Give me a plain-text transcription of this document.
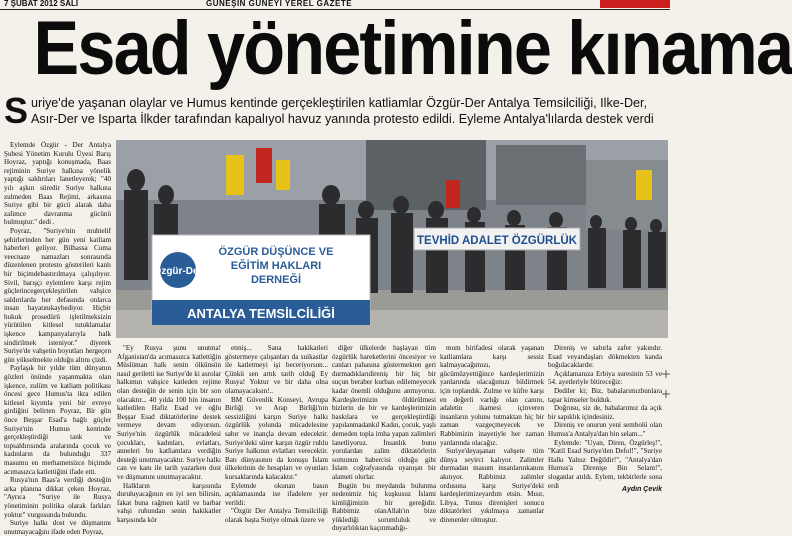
7 ŞUBAT 2012 SALI	GÜNEŞİN GÜNEYİ YEREL GAZETE
Esad yönetimine kınama
Suriye'de yaşanan olaylar ve Humus kentinde gerçekleştirilen katliamlar Özgür-Der Antalya Temsilciliği, Ilke-Der, Asır-Der ve Isparta İlkder tarafından kapalıyol havuz yanında protesto edildi. Eyleme Antalya'lılarda destek verdi
Özgür-Der
ÖZGÜR DÜŞÜNCE VE
EĞİTİM HAKLARI
DERNEĞİ
ANTALYA TEMSİLCİLİĞİ
TEVHİD ADALET ÖZGÜRLÜK

Eylemde Özgür - Der Antalya Şubesi Yönetim Kurulu Üyesi Barış Hoyraz, yaptığı konuşmada, Baas rejiminin Suriye halkına yönelik yaptığı saldırıları lanetleyerek; "40 yılı aşkın süredir Suriye halkına zulmeden Baas Rejimi, arkasına Suriye gibi bir gücü alarak daha zalimce davranma gücünü bulmuştur." dedi .

Poyraz, "Suriye'nin muhtelif şehirlerinden her gün yeni katliam haberleri geliyor. Bilhassa Cuma veecnaze namazları sonrasında düzenlenen protesto gösterileri kanlı bir biçimdebastırılmaya çalışılıyor. Sivil, barışçı eylemlere karşı rejim güçlerincegerçekleştirilen vahşice saldırılarda her defasında onlarca insan hayatınıkaybediyor. Hiçbir hukuk prosedürü işletilmeksizin yürütülen kitlesel tutuklamalar işkence kampanyalarıyla halk sindirilmek isteniyor." diyerek Suriye'de vahşetin boyutları hergeçen gün yükselmekte olduğu altını çizdi.

Paylaşık bir yıldır tüm dünyanın gözleri önünde yaşanmakta olan işkence, zulüm ve katliam politikası öncesi gece Humus'ta ikra edilen kitlesel kıyımla yeni bir evreye girdiğini belirten Poyraz, Bir gün önce Beşşar Esad'a bağlı güçler Suriye'nin Humus kentinde gerçekleştirdiği tank ve topsaldırısında aralarında çocuk ve kadınların da bulunduğu 337 masumu en merhametsizce biçimde acımasızca katlettiğini ifade etti.

Rusya'nın Baas'a verdiği desteğin arka planına dikkat çeken Hoyraz, "Ayrıca "Suriye ile Rusya yönetiminin politika olarak farkları yoktur" vurgusunda bulundu.

Suriye halkı dost ve düşmanını unutmayacağını ifade eden Poyraz,

"Ey Rusya şunu unutma! Afganistan'da acımasızca katlettiğin Müslüman halk senin ölkünsün nasıl geriletti ise Suriye'de ki asrolar halkımın vahşice katleden rejime olan desteğin de senin için bir son olacaktır... 40 yılda 100 bin insanın katledilen Hafiz Esad ve oğlu Beşşar Esad diktatörlerine destek vermeye devam ediyorsun. Suriye'nin özgürlük mücadelesi çocukları, kadınları, evlatları, anneleri bu katliamlara verdiğin desteği unutmayacaktır. Suriye halkı can ve kanı ile tarih yazarken dost ve düşmanını unutmayacaktır.

Halkların karşısında duruluyacağının en iyi sen bilirsin, fakat buna rağmen katil ve barbar vahşi ruhundan senin hakikatler karşısında kör

etmiş... Sana hakikatleri göstermeye çalışanları da suikastlar ile katletmeyi işi beceriyorsun... Çünkü sen artık tarih olduğ Ey Rusya! Yoktur ve bir daha olna olamayacaksın!..

BM Güvenlik Konseyi, Avrupa Birliği ve Arap Birliği'nin sessizliğini karşın Suriye halkı özgürlük yolunda mücadelesine sabır ve inançla devam edecektir. Suriye'deki sürer karşın özgür ruhlu Suriye halkının evlatları verecektir. Batı dünyasının da konuşu İslam ülkelerinin de hesapları ve oyunları kursaklarında kalacaktır."

Eylemde okunan basın açıklamasında ise ifadelere yer verildi:

"Özgür Der Antalya Temsilciliği olarak başta Suriye olmak üzere ve

diğer ülkelerde başlayan tüm özgürlük hareketlerini öncesiyor ve canları pahasına göstermekten geri durmadıklarıdireniş bir hiç bir suçun beraber kurban edilemeyecek kadar önemli olduğunu anmıyoruz. Kardeşlerimizin öldürülmesi bizlerin de bir ve kardeşlerimizin baskılara ve gerçekleştirdiği yapılanmadankıl Kadın, çocuk, yaşlı demeden topla imha yapan zalimleri lanetliyoruz. İnsanlık bunu yorulardan zalim diktatörlerin somunun habercisi olduğu gibi İslam coğrafyasında uyanışın bir alameti olurlar.

Bugün bu meydanda bulunma nedenimiz hiç kuşkusuz İslami kimliğimizin bir gereğidir. Rabbimiz olanAllah'ın bize yüklediği sorumluluk ve duyarlılıktan kaçınmadığı-

mum birifadesi olarak yaşanan katliamlara karşı sessiz kalmayacağımızı, gücümüzyettiğince kardeşlerimizin yanlarında olacağımızı bildirmek için toplandık. Zulme ve küfre karşı en değerli varlığı olan canını, adaletin ikamesi içinveren insanların yolunu tutmaktan hiç bir zaman vazgeçmeyecek ve Rabbimizin inayetiyle her zaman yanlarında olacağız.

Suriye'deyaşanan vahşete tüm dünya seyirci kalıyor. Zalimler durmadan masum insanlarınkanını akıtıyor. Rabbimiz zalimler ordusuna karşı Suriye'deki kardeşlerimizeyardım etsin. Mısır, Libya, Tunus direnişleri sonucu diktatörleri yıkılmaya zamanlar direnenler olmuştur.

Direniş ve sabırla zafer yakındır. Esad veyandaşları dökmekten kanda boğulacaklardır.

Açıklamanıza Erbiya suresinin 53 ve 54. ayetleriyle bitireceğiz:

Dediler ki; Biz, babalarımızbunlara tapar kimseler bulduk.

Doğrusu, siz de, babalarımız da açık bir sapıklık içindesiniz.

Direniş ve onurun yeni sembolü olan Humus'a Antalya'dan bin selam..."

Eylemde: "Uyan, Diren, Özgürleş!", "Katil Esad Suriye'den Defol!", "Suriye Halkı Yalnız Değildir!", "Antalya'dan Humus'a Direnişe Bin Selam!", sloganlar atıldı. Eylem, tekbirlerle sona erdi	Aydın Çevik
